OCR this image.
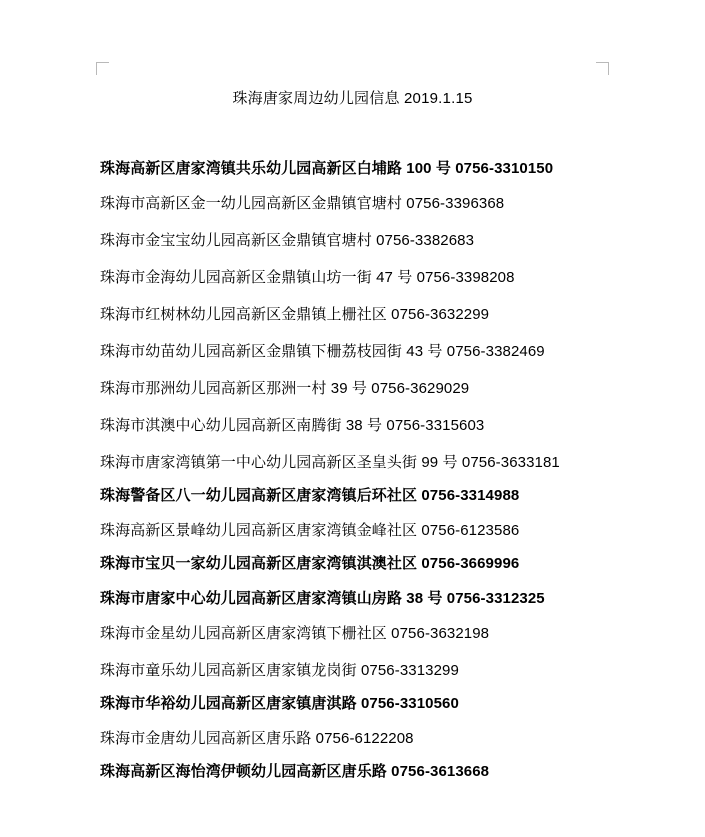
珠海唐家周边幼儿园信息 2019.1.15
珠海高新区唐家湾镇共乐幼儿园高新区白埔路 100 号 0756-3310150
珠海市高新区金一幼儿园高新区金鼎镇官塘村 0756-3396368
珠海市金宝宝幼儿园高新区金鼎镇官塘村 0756-3382683
珠海市金海幼儿园高新区金鼎镇山坊一街 47 号 0756-3398208
珠海市红树林幼儿园高新区金鼎镇上栅社区 0756-3632299
珠海市幼苗幼儿园高新区金鼎镇下栅荔枝园街 43 号 0756-3382469
珠海市那洲幼儿园高新区那洲一村 39 号 0756-3629029
珠海市淇澳中心幼儿园高新区南腾街 38 号 0756-3315603
珠海市唐家湾镇第一中心幼儿园高新区圣皇头街 99 号 0756-3633181
珠海警备区八一幼儿园高新区唐家湾镇后环社区 0756-3314988
珠海高新区景峰幼儿园高新区唐家湾镇金峰社区 0756-6123586
珠海市宝贝一家幼儿园高新区唐家湾镇淇澳社区 0756-3669996
珠海市唐家中心幼儿园高新区唐家湾镇山房路 38 号 0756-3312325
珠海市金星幼儿园高新区唐家湾镇下栅社区 0756-3632198
珠海市童乐幼儿园高新区唐家镇龙岗街 0756-3313299
珠海市华裕幼儿园高新区唐家镇唐淇路 0756-3310560
珠海市金唐幼儿园高新区唐乐路 0756-6122208
珠海高新区海怡湾伊顿幼儿园高新区唐乐路 0756-3613668
